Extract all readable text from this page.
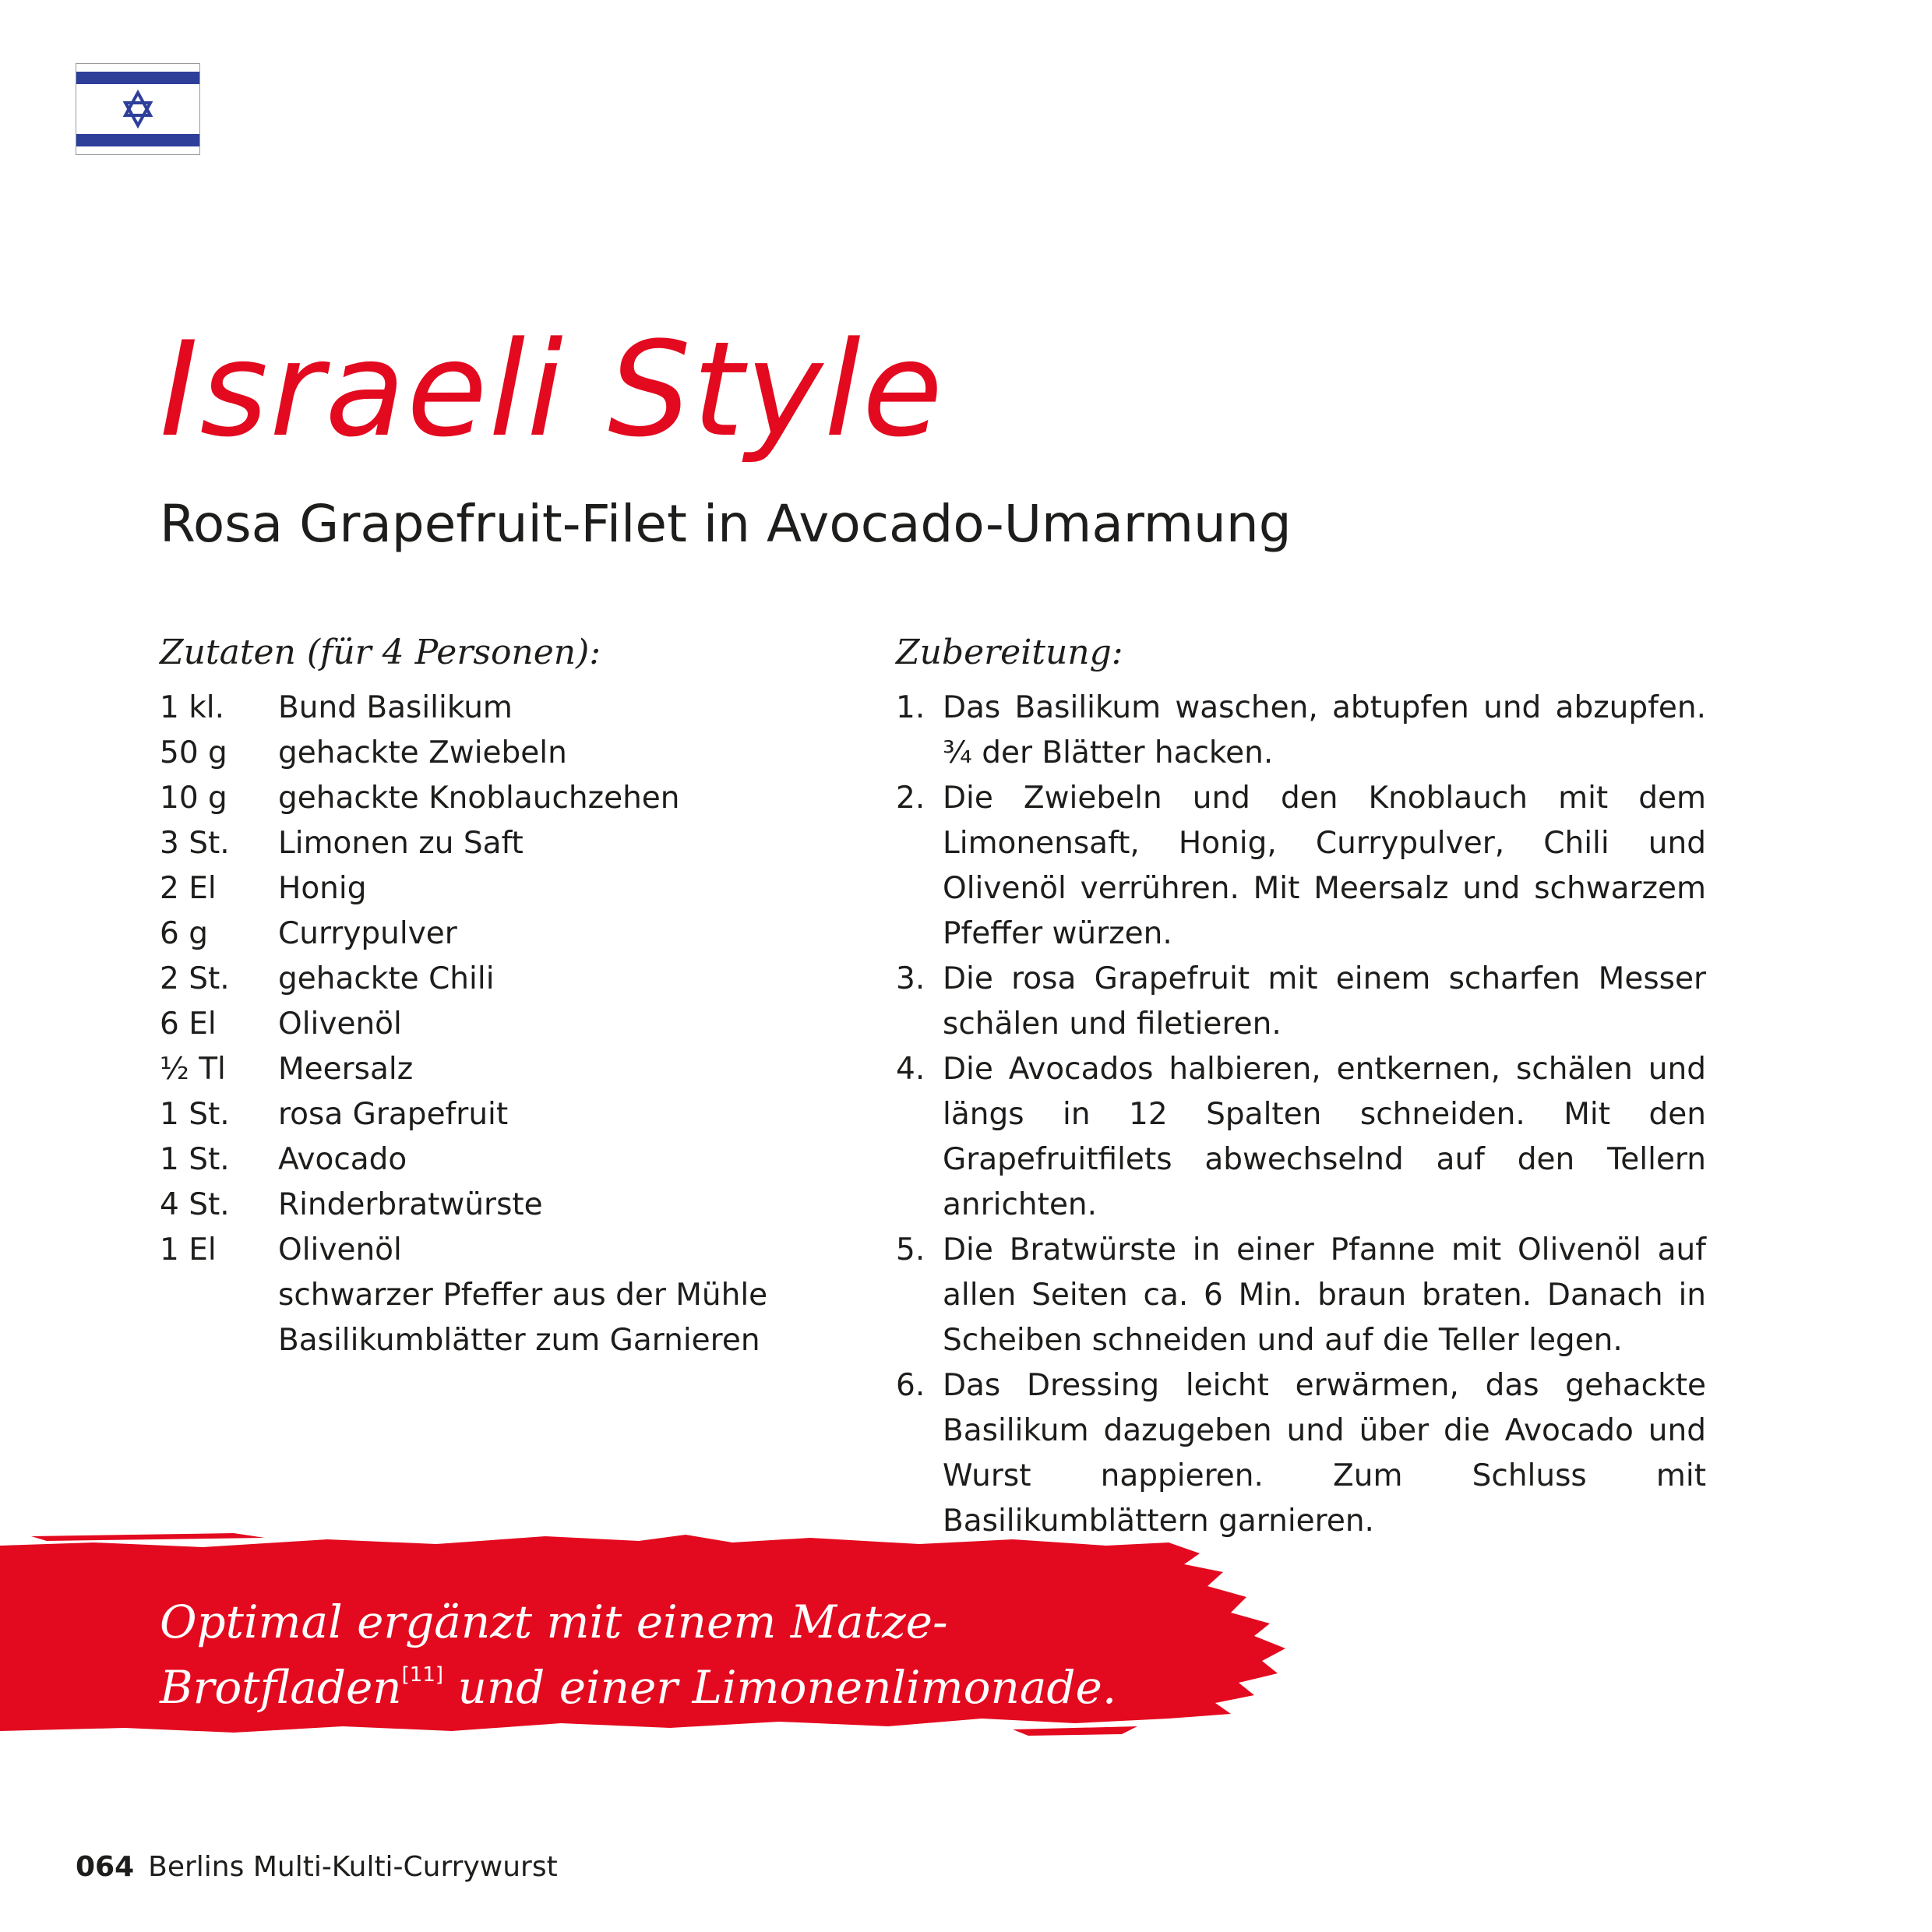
Israeli Style
Rosa Grapefruit-Filet in Avocado-Umarmung
Zutaten (für 4 Personen):
1 kl.	Bund Basilikum
50 g	gehackte Zwiebeln
10 g	gehackte Knoblauchzehen
3 St.	Limonen zu Saft
2 El	Honig
6 g	Currypulver
2 St.	gehackte Chili
6 El	Olivenöl
½ Tl	Meersalz
1 St.	rosa Grapefruit
1 St.	Avocado
4 St.	Rinderbratwürste
1 El	Olivenöl
schwarzer Pfeffer aus der Mühle
Basilikumblätter zum Garnieren
Zubereitung:
1. Das Basilikum waschen, abtupfen und abzupfen. ¾ der Blätter hacken.
2. Die Zwiebeln und den Knoblauch mit dem Limonensaft, Honig, Currypulver, Chili und Olivenöl verrühren. Mit Meersalz und schwarzem Pfeffer würzen.
3. Die rosa Grapefruit mit einem scharfen Messer schälen und filetieren.
4. Die Avocados halbieren, entkernen, schälen und längs in 12 Spalten schneiden. Mit den Grapefruitfilets abwechselnd auf den Tellern anrichten.
5. Die Bratwürste in einer Pfanne mit Olivenöl auf allen Seiten ca. 6 Min. braun braten. Danach in Scheiben schneiden und auf die Teller legen.
6. Das Dressing leicht erwärmen, das gehackte Basilikum dazugeben und über die Avocado und Wurst nappieren. Zum Schluss mit Basilikumblättern garnieren.

Optimal ergänzt mit einem Matze-
Brotfladen[11] und einer Limonenlimonade.

064 Berlins Multi-Kulti-Currywurst
